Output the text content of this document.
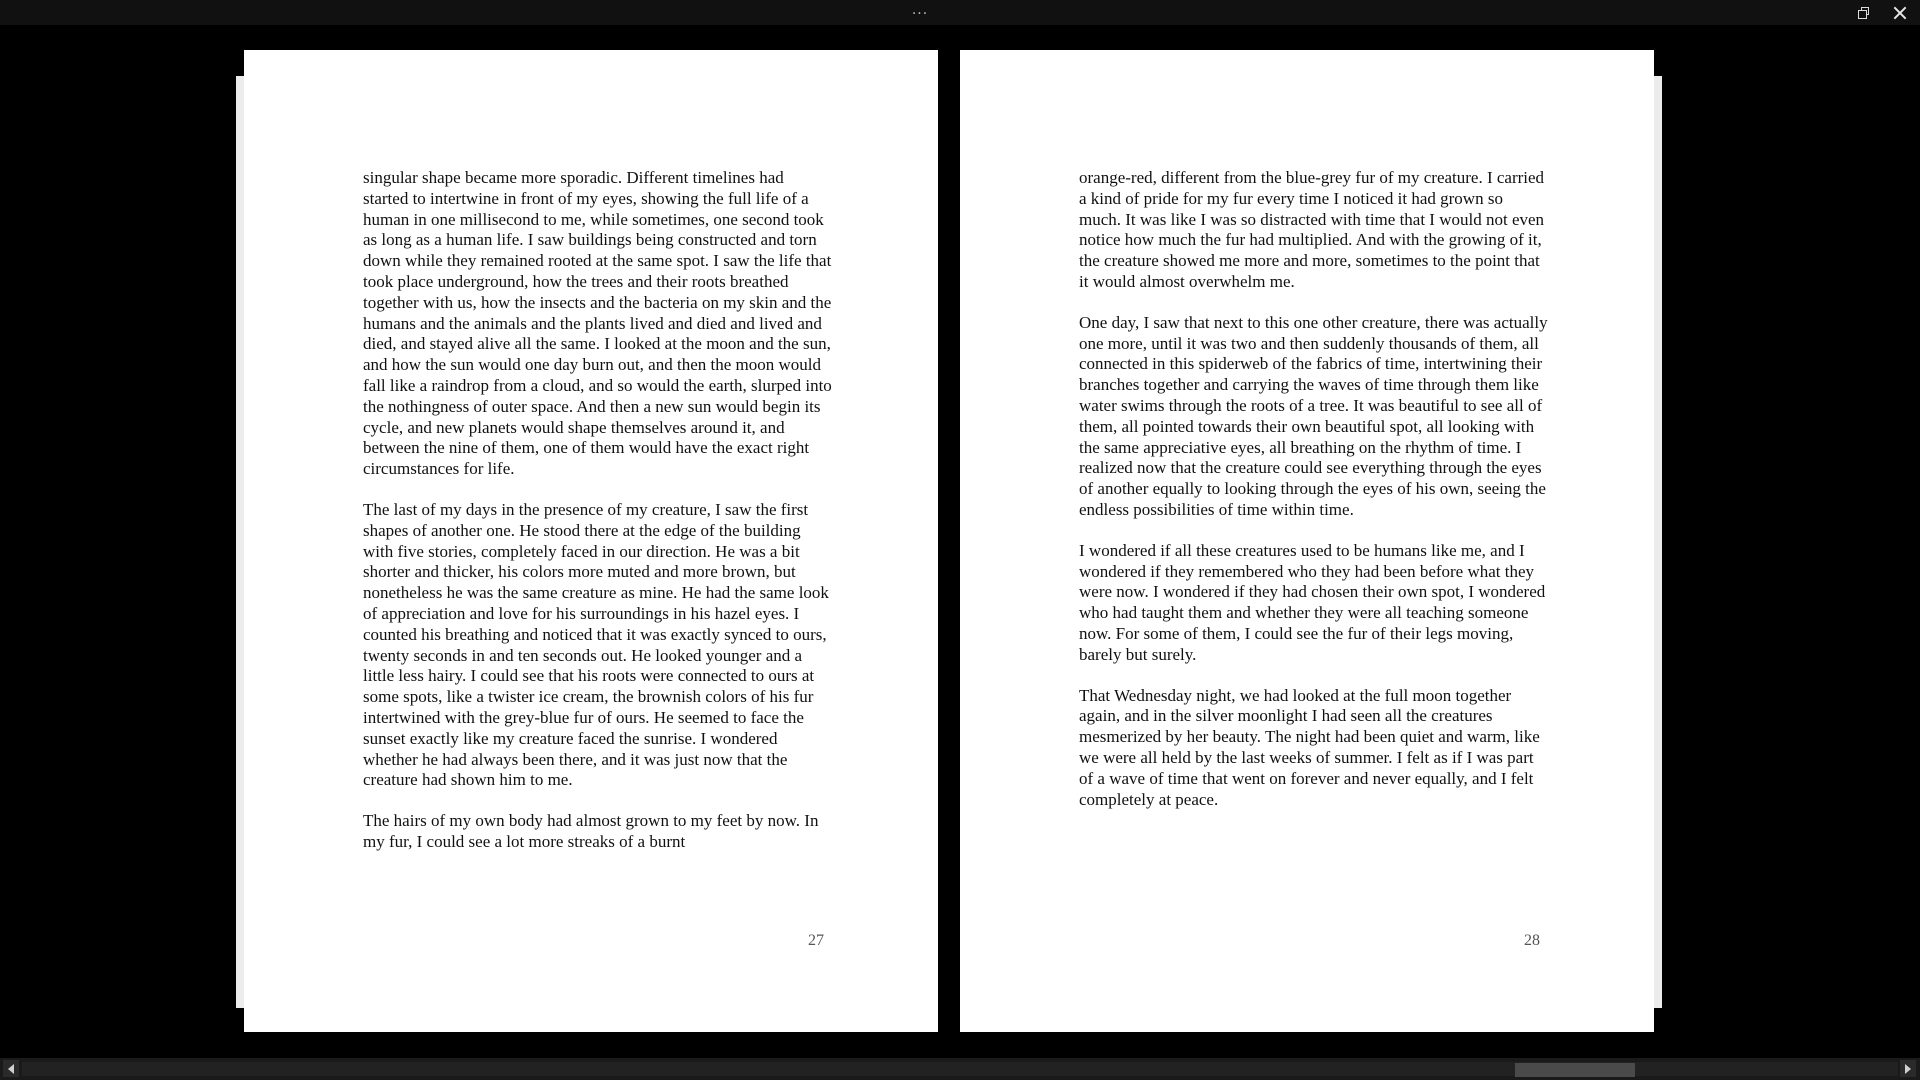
...

singular shape became more sporadic. Different timelines had started to intertwine in front of my eyes, showing the full life of a human in one millisecond to me, while sometimes, one second took as long as a human life. I saw buildings being constructed and torn down while they remained rooted at the same spot. I saw the life that took place underground, how the trees and their roots breathed together with us, how the insects and the bacteria on my skin and the humans and the animals and the plants lived and died and lived and died, and stayed alive all the same. I looked at the moon and the sun, and how the sun would one day burn out, and then the moon would fall like a raindrop from a cloud, and so would the earth, slurped into the nothingness of outer space. And then a new sun would begin its cycle, and new planets would shape themselves around it, and between the nine of them, one of them would have the exact right circumstances for life.

The last of my days in the presence of my creature, I saw the first shapes of another one. He stood there at the edge of the building with five stories, completely faced in our direction. He was a bit shorter and thicker, his colors more muted and more brown, but nonetheless he was the same creature as mine. He had the same look of appreciation and love for his surroundings in his hazel eyes. I counted his breathing and noticed that it was exactly synced to ours, twenty seconds in and ten seconds out. He looked younger and a little less hairy. I could see that his roots were connected to ours at some spots, like a twister ice cream, the brownish colors of his fur intertwined with the grey-blue fur of ours. He seemed to face the sunset exactly like my creature faced the sunrise. I wondered whether he had always been there, and it was just now that the creature had shown him to me.

The hairs of my own body had almost grown to my feet by now. In my fur, I could see a lot more streaks of a burnt

27

orange-red, different from the blue-grey fur of my creature. I carried a kind of pride for my fur every time I noticed it had grown so much. It was like I was so distracted with time that I would not even notice how much the fur had multiplied. And with the growing of it, the creature showed me more and more, sometimes to the point that it would almost overwhelm me.

One day, I saw that next to this one other creature, there was actually one more, until it was two and then suddenly thousands of them, all connected in this spiderweb of the fabrics of time, intertwining their branches together and carrying the waves of time through them like water swims through the roots of a tree. It was beautiful to see all of them, all pointed towards their own beautiful spot, all looking with the same appreciative eyes, all breathing on the rhythm of time. I realized now that the creature could see everything through the eyes of another equally to looking through the eyes of his own, seeing the endless possibilities of time within time.

I wondered if all these creatures used to be humans like me, and I wondered if they remembered who they had been before what they were now. I wondered if they had chosen their own spot, I wondered who had taught them and whether they were all teaching someone now. For some of them, I could see the fur of their legs moving, barely but surely.

That Wednesday night, we had looked at the full moon together again, and in the silver moonlight I had seen all the creatures mesmerized by her beauty. The night had been quiet and warm, like we were all held by the last weeks of summer. I felt as if I was part of a wave of time that went on forever and never equally, and I felt completely at peace.

28
